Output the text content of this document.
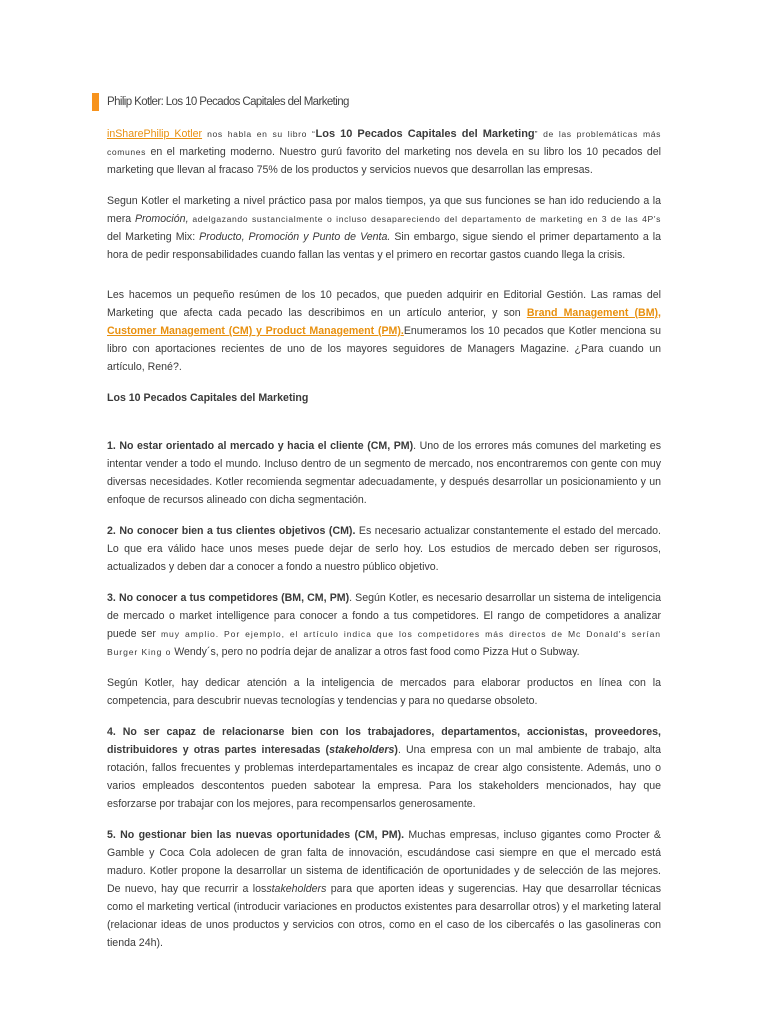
Philip Kotler: Los 10 Pecados Capitales del Marketing

inSharePhilip Kotler nos habla en su libro “Los 10 Pecados Capitales del Marketing” de las problemáticas más comunes en el marketing moderno. Nuestro gurú favorito del marketing nos devela en su libro los 10 pecados del marketing que llevan al fracaso 75% de los productos y servicios nuevos que desarrollan las empresas.

Segun Kotler el marketing a nivel práctico pasa por malos tiempos, ya que sus funciones se han ido reduciendo a la mera Promoción, adelgazando sustancialmente o incluso desapareciendo del departamento de marketing en 3 de las 4P's del Marketing Mix: Producto, Promoción y Punto de Venta. Sin embargo, sigue siendo el primer departamento a la hora de pedir responsabilidades cuando fallan las ventas y el primero en recortar gastos cuando llega la crisis.

Les hacemos un pequeño resúmen de los 10 pecados, que pueden adquirir en Editorial Gestión. Las ramas del Marketing que afecta cada pecado las describimos en un artículo anterior, y son Brand Management (BM), Customer Management (CM) y Product Management (PM).Enumeramos los 10 pecados que Kotler menciona su libro con aportaciones recientes de uno de los mayores seguidores de Managers Magazine. ¿Para cuando un artículo, René?.

Los 10 Pecados Capitales del Marketing

1. No estar orientado al mercado y hacia el cliente (CM, PM). Uno de los errores más comunes del marketing es intentar vender a todo el mundo. Incluso dentro de un segmento de mercado, nos encontraremos con gente con muy diversas necesidades. Kotler recomienda segmentar adecuadamente, y después desarrollar un posicionamiento y un enfoque de recursos alineado con dicha segmentación.

2. No conocer bien a tus clientes objetivos (CM). Es necesario actualizar constantemente el estado del mercado. Lo que era válido hace unos meses puede dejar de serlo hoy. Los estudios de mercado deben ser rigurosos, actualizados y deben dar a conocer a fondo a nuestro público objetivo.

3. No conocer a tus competidores (BM, CM, PM). Según Kotler, es necesario desarrollar un sistema de inteligencia de mercado o market intelligence para conocer a fondo a tus competidores. El rango de competidores a analizar puede ser muy amplio. Por ejemplo, el artículo indica que los competidores más directos de Mc Donald's serían Burger King o Wendy´s, pero no podría dejar de analizar a otros fast food como Pizza Hut o Subway.

Según Kotler, hay dedicar atención a la inteligencia de mercados para elaborar productos en línea con la competencia, para descubrir nuevas tecnologías y tendencias y para no quedarse obsoleto.

4. No ser capaz de relacionarse bien con los trabajadores, departamentos, accionistas, proveedores, distribuidores y otras partes interesadas (stakeholders). Una empresa con un mal ambiente de trabajo, alta rotación, fallos frecuentes y problemas interdepartamentales es incapaz de crear algo consistente. Además, uno o varios empleados descontentos pueden sabotear la empresa. Para los stakeholders mencionados, hay que esforzarse por trabajar con los mejores, para recompensarlos generosamente.

5. No gestionar bien las nuevas oportunidades (CM, PM). Muchas empresas, incluso gigantes como Procter & Gamble y Coca Cola adolecen de gran falta de innovación, escudándose casi siempre en que el mercado está maduro. Kotler propone la desarrollar un sistema de identificación de oportunidades y de selección de las mejores. De nuevo, hay que recurrir a losstakeholders para que aporten ideas y sugerencias. Hay que desarrollar técnicas como el marketing vertical (introducir variaciones en productos existentes para desarrollar otros) y el marketing lateral (relacionar ideas de unos productos y servicios con otros, como en el caso de los cibercafés o las gasolineras con tienda 24h).
